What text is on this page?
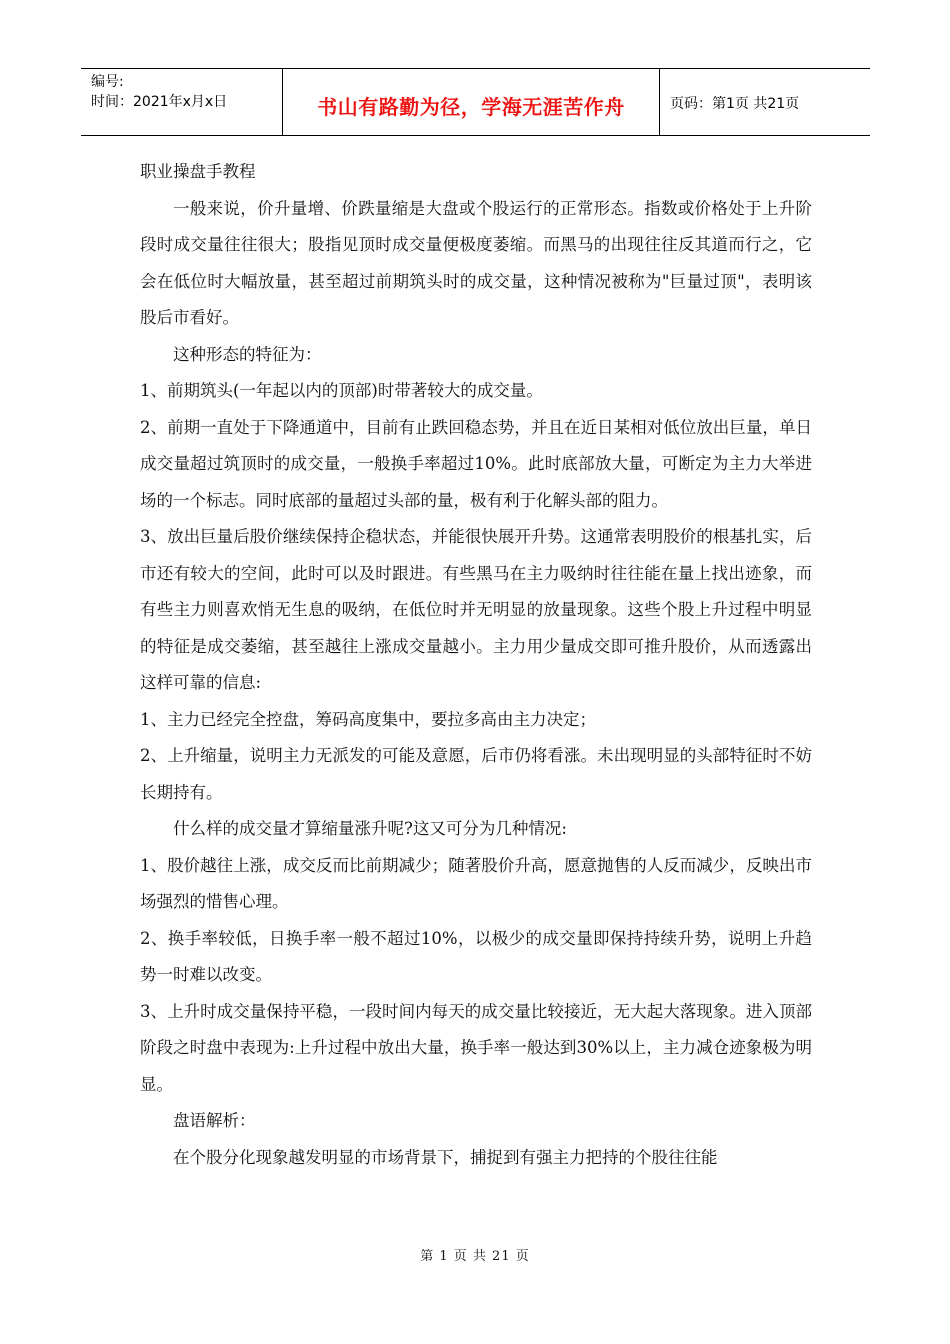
编号:
时间：2021年x月x日	书山有路勤为径，学海无涯苦作舟	页码：第1页 共21页

职业操盘手教程

一般来说，价升量增、价跌量缩是大盘或个股运行的正常形态。指数或价格处于上升阶段时成交量往往很大；股指见顶时成交量便极度萎缩。而黑马的出现往往反其道而行之，它会在低位时大幅放量，甚至超过前期筑头时的成交量，这种情况被称为"巨量过顶"，表明该股后市看好。

这种形态的特征为：

1、前期筑头(一年起以内的顶部)时带著较大的成交量。

2、前期一直处于下降通道中，目前有止跌回稳态势，并且在近日某相对低位放出巨量，单日成交量超过筑顶时的成交量，一般换手率超过10%。此时底部放大量，可断定为主力大举进场的一个标志。同时底部的量超过头部的量，极有利于化解头部的阻力。

3、放出巨量后股价继续保持企稳状态，并能很快展开升势。这通常表明股价的根基扎实，后市还有较大的空间，此时可以及时跟进。有些黑马在主力吸纳时往往能在量上找出迹象，而有些主力则喜欢悄无生息的吸纳，在低位时并无明显的放量现象。这些个股上升过程中明显的特征是成交萎缩，甚至越往上涨成交量越小。主力用少量成交即可推升股价，从而透露出这样可靠的信息:

1、主力已经完全控盘，筹码高度集中，要拉多高由主力决定；

2、上升缩量，说明主力无派发的可能及意愿，后市仍将看涨。未出现明显的头部特征时不妨长期持有。

什么样的成交量才算缩量涨升呢?这又可分为几种情况:

1、股价越往上涨，成交反而比前期减少；随著股价升高，愿意抛售的人反而减少，反映出市场强烈的惜售心理。

2、换手率较低，日换手率一般不超过10%，以极少的成交量即保持持续升势，说明上升趋势一时难以改变。

3、上升时成交量保持平稳，一段时间内每天的成交量比较接近，无大起大落现象。进入顶部阶段之时盘中表现为:上升过程中放出大量，换手率一般达到30%以上，主力减仓迹象极为明显。

盘语解析：

在个股分化现象越发明显的市场背景下，捕捉到有强主力把持的个股往往能

第 1 页 共 21 页
